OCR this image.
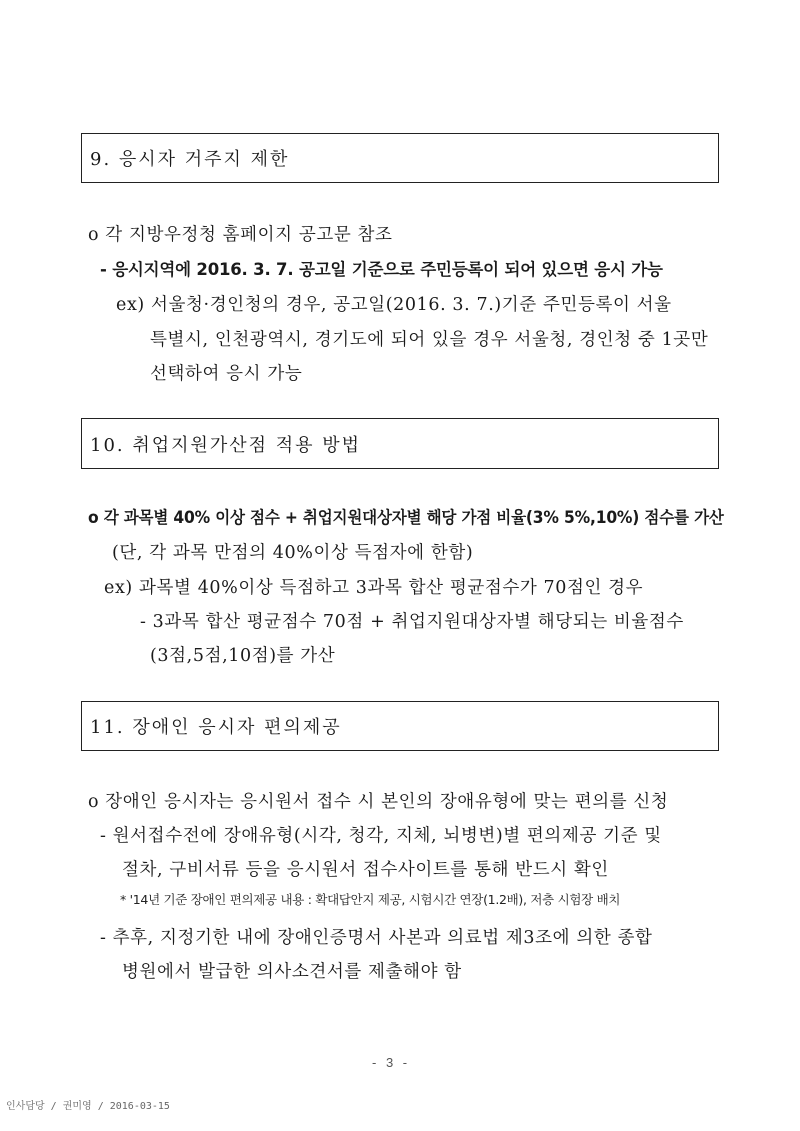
9. 응시자 거주지 제한
o 각 지방우정청 홈페이지 공고문 참조
- 응시지역에 2016. 3. 7. 공고일 기준으로 주민등록이 되어 있으면 응시 가능
ex) 서울청·경인청의 경우, 공고일(2016. 3. 7.)기준 주민등록이 서울
특별시, 인천광역시, 경기도에 되어 있을 경우 서울청, 경인청 중 1곳만
선택하여 응시 가능
10. 취업지원가산점 적용 방법
o 각 과목별 40% 이상 점수 + 취업지원대상자별 해당 가점 비율(3% 5%,10%) 점수를 가산
(단, 각 과목 만점의 40%이상 득점자에 한함)
ex) 과목별 40%이상 득점하고 3과목 합산 평균점수가 70점인 경우
- 3과목 합산 평균점수 70점 + 취업지원대상자별 해당되는 비율점수
(3점,5점,10점)를 가산
11. 장애인 응시자 편의제공
o 장애인 응시자는 응시원서 접수 시 본인의 장애유형에 맞는 편의를 신청
- 원서접수전에 장애유형(시각, 청각, 지체, 뇌병변)별 편의제공 기준 및
절차, 구비서류 등을 응시원서 접수사이트를 통해 반드시 확인
* '14년 기준 장애인 편의제공 내용 : 확대답안지 제공, 시험시간 연장(1.2배), 저층 시험장 배치
- 추후, 지정기한 내에 장애인증명서 사본과 의료법 제3조에 의한 종합
병원에서 발급한 의사소견서를 제출해야 함
- 3 -
인사담당 / 권미영 / 2016-03-15
